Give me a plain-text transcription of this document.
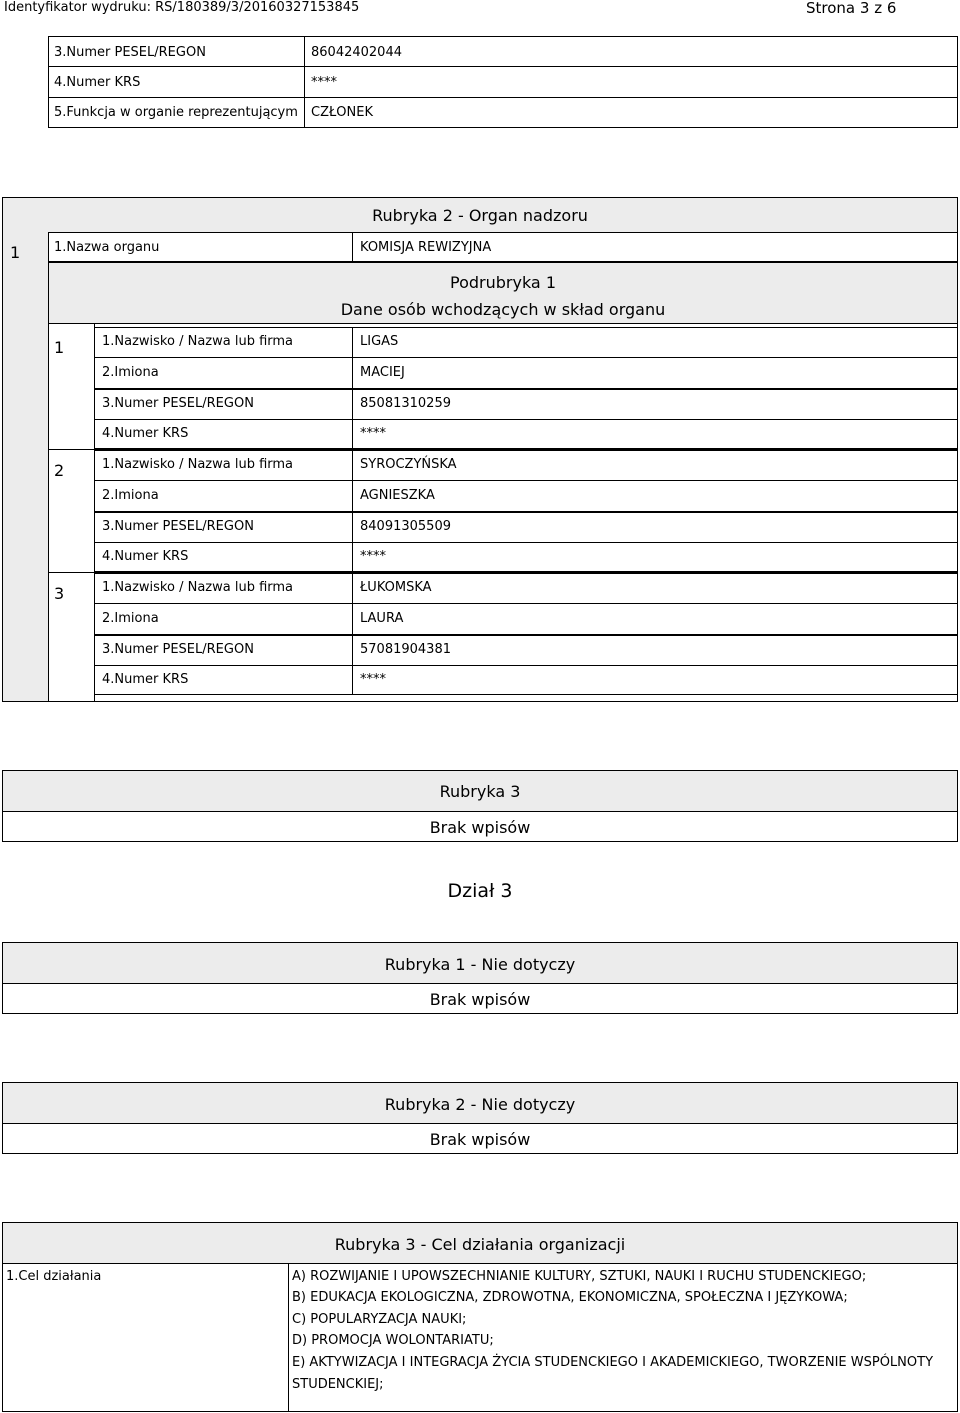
Identyfikator wydruku: RS/180389/3/20160327153845	Strona 3 z 6
3.Numer PESEL/REGON	86042402044
4.Numer KRS	****
5.Funkcja w organie reprezentującym CZŁONEK
Rubryka 2 - Organ nadzoru
1	1.Nazwa organu	KOMISJA REWIZYJNA
Podrubryka 1
Dane osób wchodzących w skład organu
1	1.Nazwisko / Nazwa lub firma	LIGAS
2.Imiona	MACIEJ
3.Numer PESEL/REGON	85081310259
4.Numer KRS	****
2	1.Nazwisko / Nazwa lub firma	SYROCZYŃSKA
2.Imiona	AGNIESZKA
3.Numer PESEL/REGON	84091305509
4.Numer KRS	****
3	1.Nazwisko / Nazwa lub firma	ŁUKOMSKA
2.Imiona	LAURA
3.Numer PESEL/REGON	57081904381
4.Numer KRS	****
Rubryka 3
Brak wpisów
Dział 3
Rubryka 1 - Nie dotyczy
Brak wpisów
Rubryka 2 - Nie dotyczy
Brak wpisów
Rubryka 3 - Cel działania organizacji
1.Cel działania	A) ROZWIJANIE I UPOWSZECHNIANIE KULTURY, SZTUKI, NAUKI I RUCHU STUDENCKIEGO;
B) EDUKACJA EKOLOGICZNA, ZDROWOTNA, EKONOMICZNA, SPOŁECZNA I JĘZYKOWA;
C) POPULARYZACJA NAUKI;
D) PROMOCJA WOLONTARIATU;
E) AKTYWIZACJA I INTEGRACJA ŻYCIA STUDENCKIEGO I AKADEMICKIEGO, TWORZENIE WSPÓLNOTY
STUDENCKIEJ;
